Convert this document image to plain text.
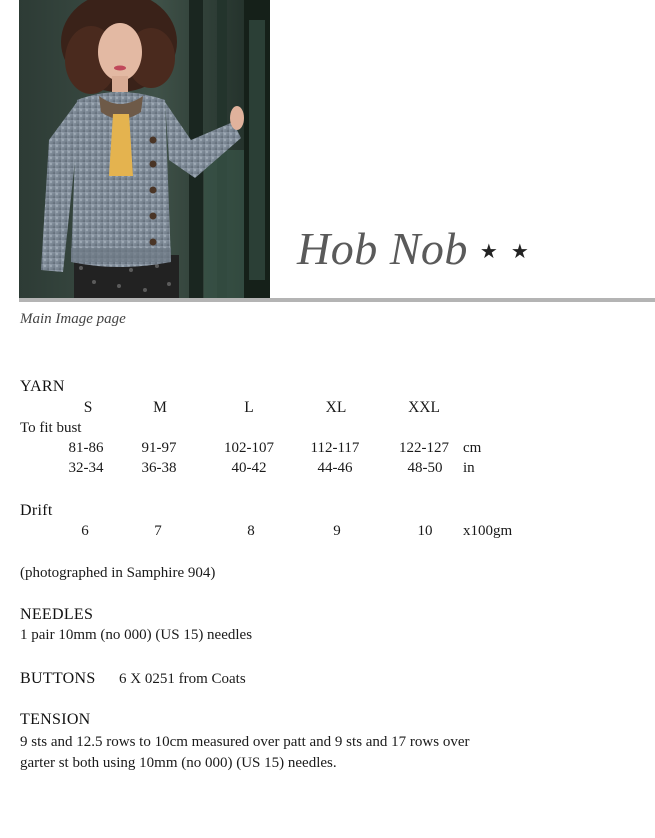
Hob Nob ★ ★
Main Image page
YARN
S	M	L	XL	XXL
To fit bust
81-86	91-97	102-107 112-117	122-127 cm
32-34	36-38	40-42	44-46	48-50 in
Drift
6	7	8	9	10 x100gm
(photographed in Samphire 904)
NEEDLES
1 pair 10mm (no 000) (US 15) needles
BUTTONS 6 X 0251 from Coats
TENSION
9 sts and 12.5 rows to 10cm measured over patt and 9 sts and 17 rows over
garter st both using 10mm (no 000) (US 15) needles.
